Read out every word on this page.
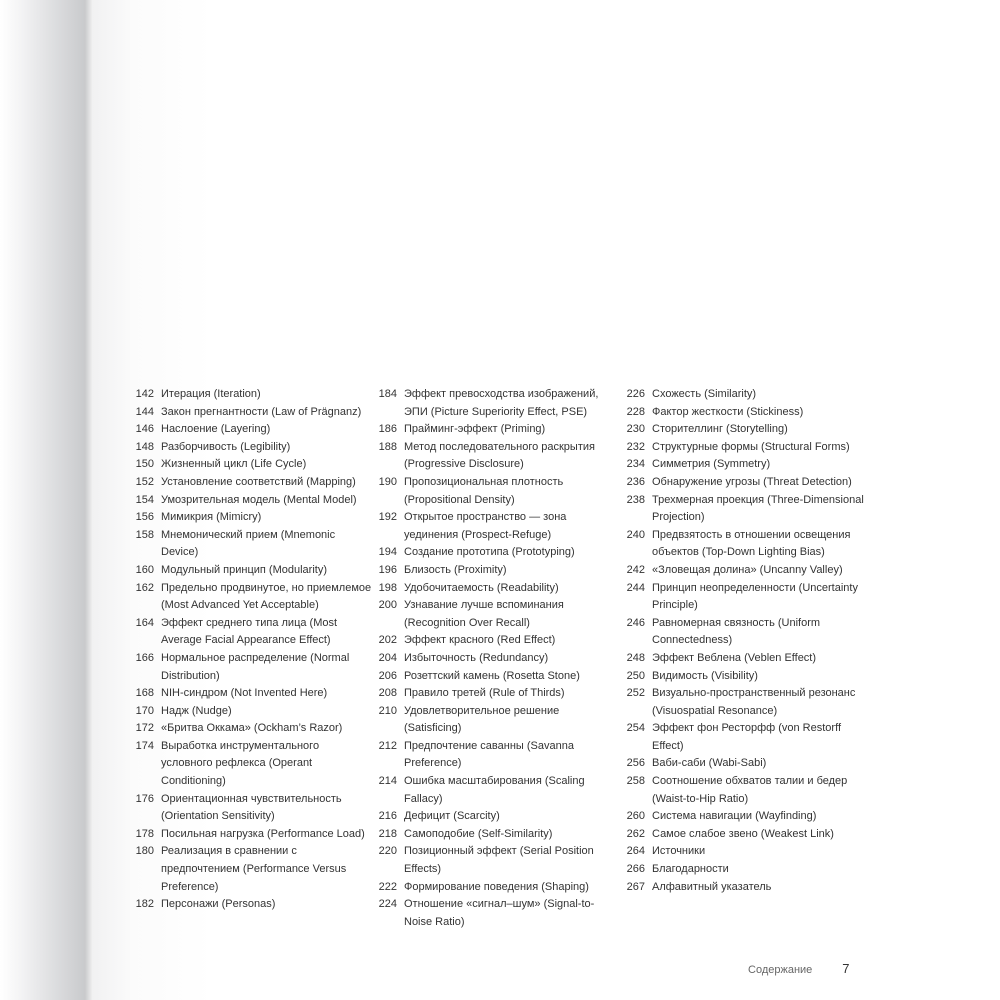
142 Итерация (Iteration)
144 Закон прегнантности (Law of Prägnanz)
146 Наслоение (Layering)
148 Разборчивость (Legibility)
150 Жизненный цикл (Life Cycle)
152 Установление соответствий (Mapping)
154 Умозрительная модель (Mental Model)
156 Мимикрия (Mimicry)
158 Мнемонический прием (Mnemonic Device)
160 Модульный принцип (Modularity)
162 Предельно продвинутое, но приемлемое (Most Advanced Yet Acceptable)
164 Эффект среднего типа лица (Most Average Facial Appearance Effect)
166 Нормальное распределение (Normal Distribution)
168 NIH-синдром (Not Invented Here)
170 Надж (Nudge)
172 «Бритва Оккама» (Ockham’s Razor)
174 Выработка инструментального условного рефлекса (Operant Conditioning)
176 Ориентационная чувствительность (Orientation Sensitivity)
178 Посильная нагрузка (Performance Load)
180 Реализация в сравнении с предпочтением (Performance Versus Preference)
182 Персонажи (Personas)
184 Эффект превосходства изображений, ЭПИ (Picture Superiority Effect, PSE)
186 Прайминг-эффект (Priming)
188 Метод последовательного раскрытия (Progressive Disclosure)
190 Пропозициональная плотность (Propositional Density)
192 Открытое пространство — зона уединения (Prospect-Refuge)
194 Создание прототипа (Prototyping)
196 Близость (Proximity)
198 Удобочитаемость (Readability)
200 Узнавание лучше вспоминания (Recognition Over Recall)
202 Эффект красного (Red Effect)
204 Избыточность (Redundancy)
206 Розеттский камень (Rosetta Stone)
208 Правило третей (Rule of Thirds)
210 Удовлетворительное решение (Satisficing)
212 Предпочтение саванны (Savanna Preference)
214 Ошибка масштабирования (Scaling Fallacy)
216 Дефицит (Scarcity)
218 Самоподобие (Self-Similarity)
220 Позиционный эффект (Serial Position Effects)
222 Формирование поведения (Shaping)
224 Отношение «сигнал–шум» (Signal-to-Noise Ratio)
226 Схожесть (Similarity)
228 Фактор жесткости (Stickiness)
230 Сторителлинг (Storytelling)
232 Структурные формы (Structural Forms)
234 Симметрия (Symmetry)
236 Обнаружение угрозы (Threat Detection)
238 Трехмерная проекция (Three-Dimensional Projection)
240 Предвзятость в отношении освещения объектов (Top-Down Lighting Bias)
242 «Зловещая долина» (Uncanny Valley)
244 Принцип неопределенности (Uncertainty Principle)
246 Равномерная связность (Uniform Connectedness)
248 Эффект Веблена (Veblen Effect)
250 Видимость (Visibility)
252 Визуально-пространственный резонанс (Visuospatial Resonance)
254 Эффект фон Ресторфф (von Restorff Effect)
256 Ваби-саби (Wabi-Sabi)
258 Соотношение обхватов талии и бедер (Waist-to-Hip Ratio)
260 Система навигации (Wayfinding)
262 Самое слабое звено (Weakest Link)
264 Источники
266 Благодарности
267 Алфавитный указатель
Содержание 7
